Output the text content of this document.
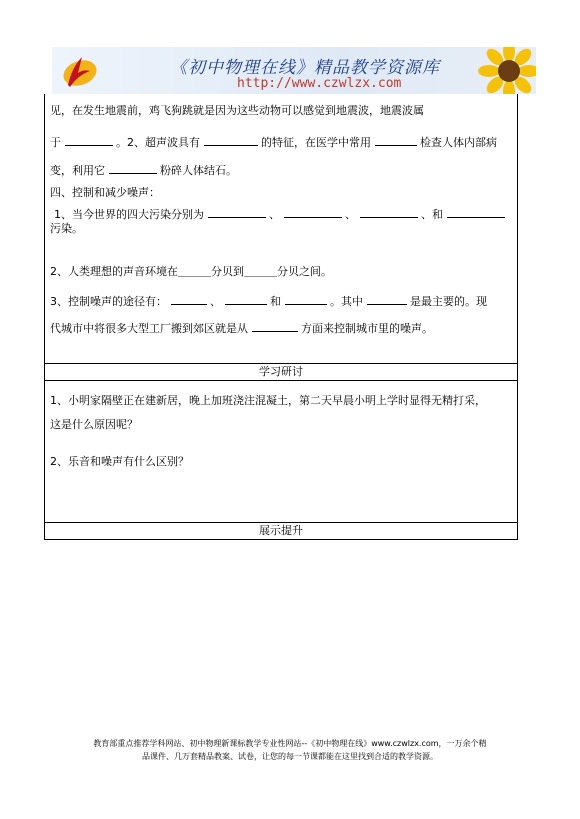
《初中物理在线》精品教学资源库
http://www.czwlzx.com
见，在发生地震前，鸡飞狗跳就是因为这些动物可以感觉到地震波，地震波属
于	。2、超声波具有	的特征，在医学中常用	检查人体内部病
变，利用它	粉碎人体结石。
四、控制和减少噪声：
1、当今世界的四大污染分别为	、	、	、和
污染。
2、人类理想的声音环境在＿＿＿分贝到＿＿＿分贝之间。
3、控制噪声的途径有：	、	和	。其中	是最主要的。现
代城市中将很多大型工厂搬到郊区就是从	方面来控制城市里的噪声。
学习研讨
1、小明家隔壁正在建新居，晚上加班浇注混凝土，第二天早晨小明上学时显得无精打采，
这是什么原因呢？
2、乐音和噪声有什么区别？
展示提升
教育部重点推荐学科网站、初中物理新课标教学专业性网站--《初中物理在线》www.czwlzx.com，一万余个精
品课件、几万套精品教案、试卷，让您的每一节课都能在这里找到合适的教学资源。
